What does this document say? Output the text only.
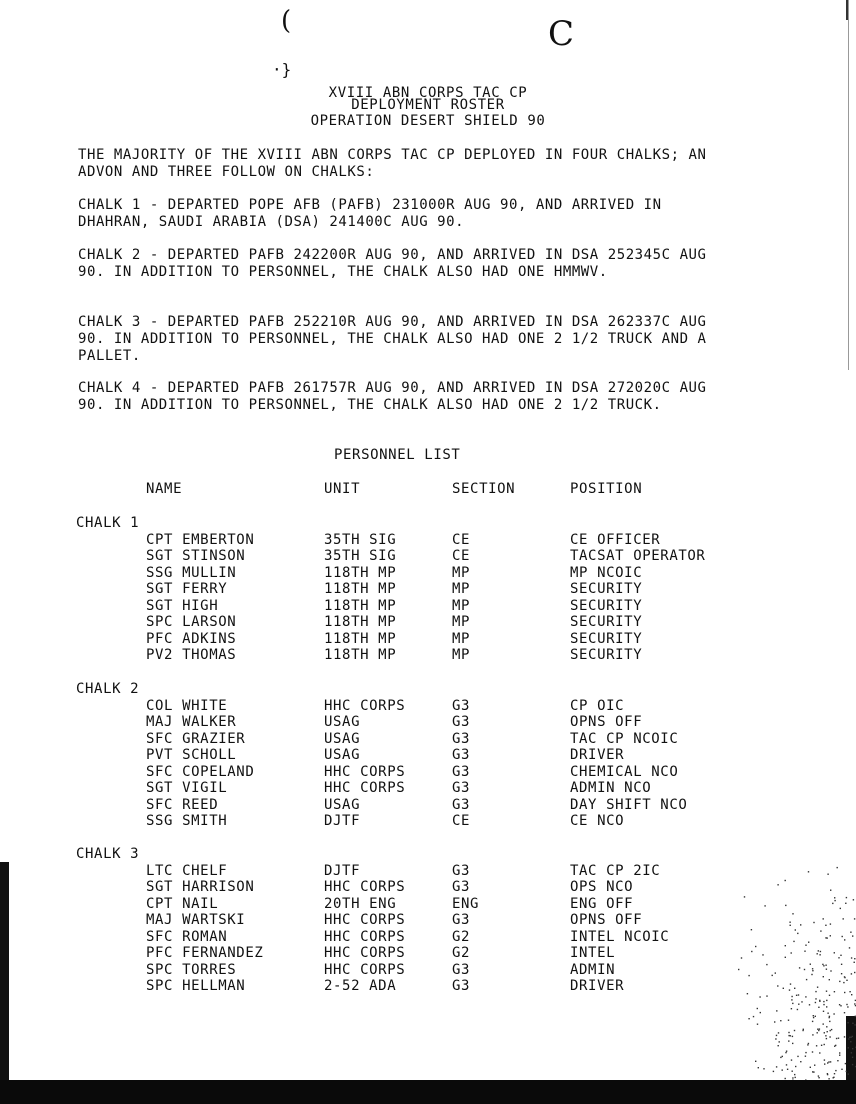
(	C
·}
XVIII ABN CORPS TAC CP
DEPLOYMENT ROSTER
OPERATION DESERT SHIELD 90
THE MAJORITY OF THE XVIII ABN CORPS TAC CP DEPLOYED IN FOUR CHALKS; AN ADVON AND THREE FOLLOW ON CHALKS:
CHALK 1 - DEPARTED POPE AFB (PAFB) 231000R AUG 90, AND ARRIVED IN DHAHRAN, SAUDI ARABIA (DSA) 241400C AUG 90.
CHALK 2 - DEPARTED PAFB 242200R AUG 90, AND ARRIVED IN DSA 252345C AUG 90. IN ADDITION TO PERSONNEL, THE CHALK ALSO HAD ONE HMMWV.
CHALK 3 - DEPARTED PAFB 252210R AUG 90, AND ARRIVED IN DSA 262337C AUG 90. IN ADDITION TO PERSONNEL, THE CHALK ALSO HAD ONE 2 1/2 TRUCK AND A PALLET.
CHALK 4 - DEPARTED PAFB 261757R AUG 90, AND ARRIVED IN DSA 272020C AUG 90. IN ADDITION TO PERSONNEL, THE CHALK ALSO HAD ONE 2 1/2 TRUCK.
PERSONNEL LIST
NAME	UNIT	SECTION	POSITION
CHALK 1
CPT EMBERTON	35TH SIG	CE	CE OFFICER
SGT STINSON	35TH SIG	CE	TACSAT OPERATOR
SSG MULLIN	118TH MP	MP	MP NCOIC
SGT FERRY	118TH MP	MP	SECURITY
SGT HIGH	118TH MP	MP	SECURITY
SPC LARSON	118TH MP	MP	SECURITY
PFC ADKINS	118TH MP	MP	SECURITY
PV2 THOMAS	118TH MP	MP	SECURITY
CHALK 2
COL WHITE	HHC CORPS	G3	CP OIC
MAJ WALKER	USAG	G3	OPNS OFF
SFC GRAZIER	USAG	G3	TAC CP NCOIC
PVT SCHOLL	USAG	G3	DRIVER
SFC COPELAND	HHC CORPS	G3	CHEMICAL NCO
SGT VIGIL	HHC CORPS	G3	ADMIN NCO
SFC REED	USAG	G3	DAY SHIFT NCO
SSG SMITH	DJTF	CE	CE NCO
CHALK 3
LTC CHELF	DJTF	G3	TAC CP 2IC
SGT HARRISON	HHC CORPS	G3	OPS NCO
CPT NAIL	20TH ENG	ENG	ENG OFF
MAJ WARTSKI	HHC CORPS	G3	OPNS OFF
SFC ROMAN	HHC CORPS	G2	INTEL NCOIC
PFC FERNANDEZ	HHC CORPS	G2	INTEL
SPC TORRES	HHC CORPS	G3	ADMIN
SPC HELLMAN	2-52 ADA	G3	DRIVER
